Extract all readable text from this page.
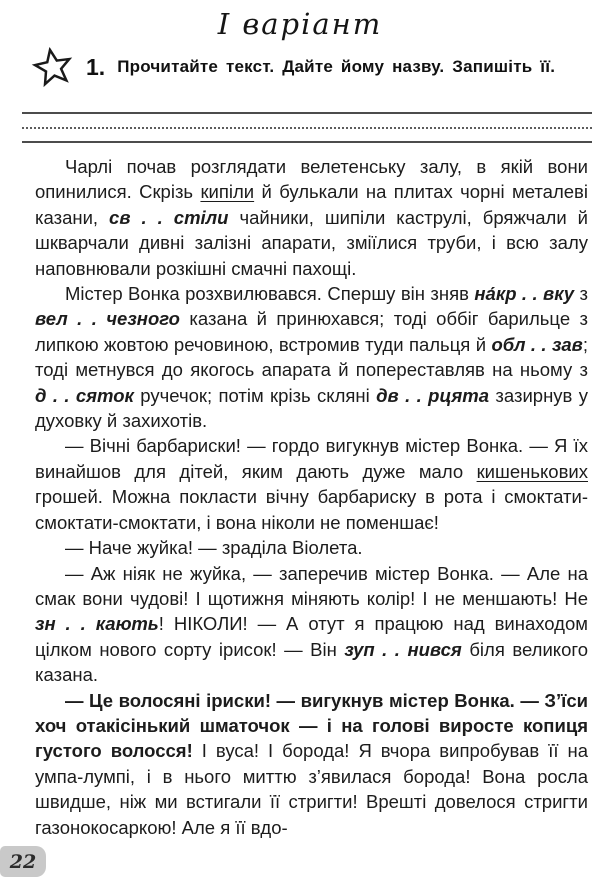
І варіант
1. Прочитайте текст. Дайте йому назву. Запишіть її.

Чарлі почав розглядати велетенську залу, в якій вони опинилися. Скрізь кипіли й булькали на плитах чорні металеві казани, св . . стіли чайники, шипіли каструлі, бряжчали й шкварчали дивні залізні апарати, зміїлися труби, і всю залу наповнювали розкішні смачні пахощі.

Містер Вонка розхвилювався. Спершу він зняв на́кр . . вку з вел . . чезного казана й принюхався; тоді оббіг барильце з липкою жовтою речовиною, встромив туди пальця й обл . . зав; тоді метнувся до якогось апарата й попереставляв на ньому з д . . сяток ручечок; потім крізь скляні дв . . рцята зазирнув у духовку й захихотів.

— Вічні барбариски! — гордо вигукнув містер Вонка. — Я їх винайшов для дітей, яким дають дуже мало кишенькових грошей. Можна покласти вічну барбариску в рота і смоктати-смоктати-смоктати, і вона ніколи не поменшає!

— Наче жуйка! — зраділа Віолета.

— Аж ніяк не жуйка, — заперечив містер Вонка. — Але на смак вони чудові! І щотижня міняють колір! І не меншають! Не зн . . кають! НІКОЛИ! — А отут я працюю над винаходом цілком нового сорту ірисок! — Він зуп . . нився біля великого казана.

— Це волосяні іриски! — вигукнув містер Вонка. — З’їси хоч отакісінький шматочок — і на голові виросте копиця густого волосся! І вуса! І борода! Я вчора випробував її на умпа-лумпі, і в нього миттю з’явилася борода! Вона росла швидше, ніж ми встигали її стригти! Врешті довелося стригти газонокосаркою! Але я її вдо-

22
